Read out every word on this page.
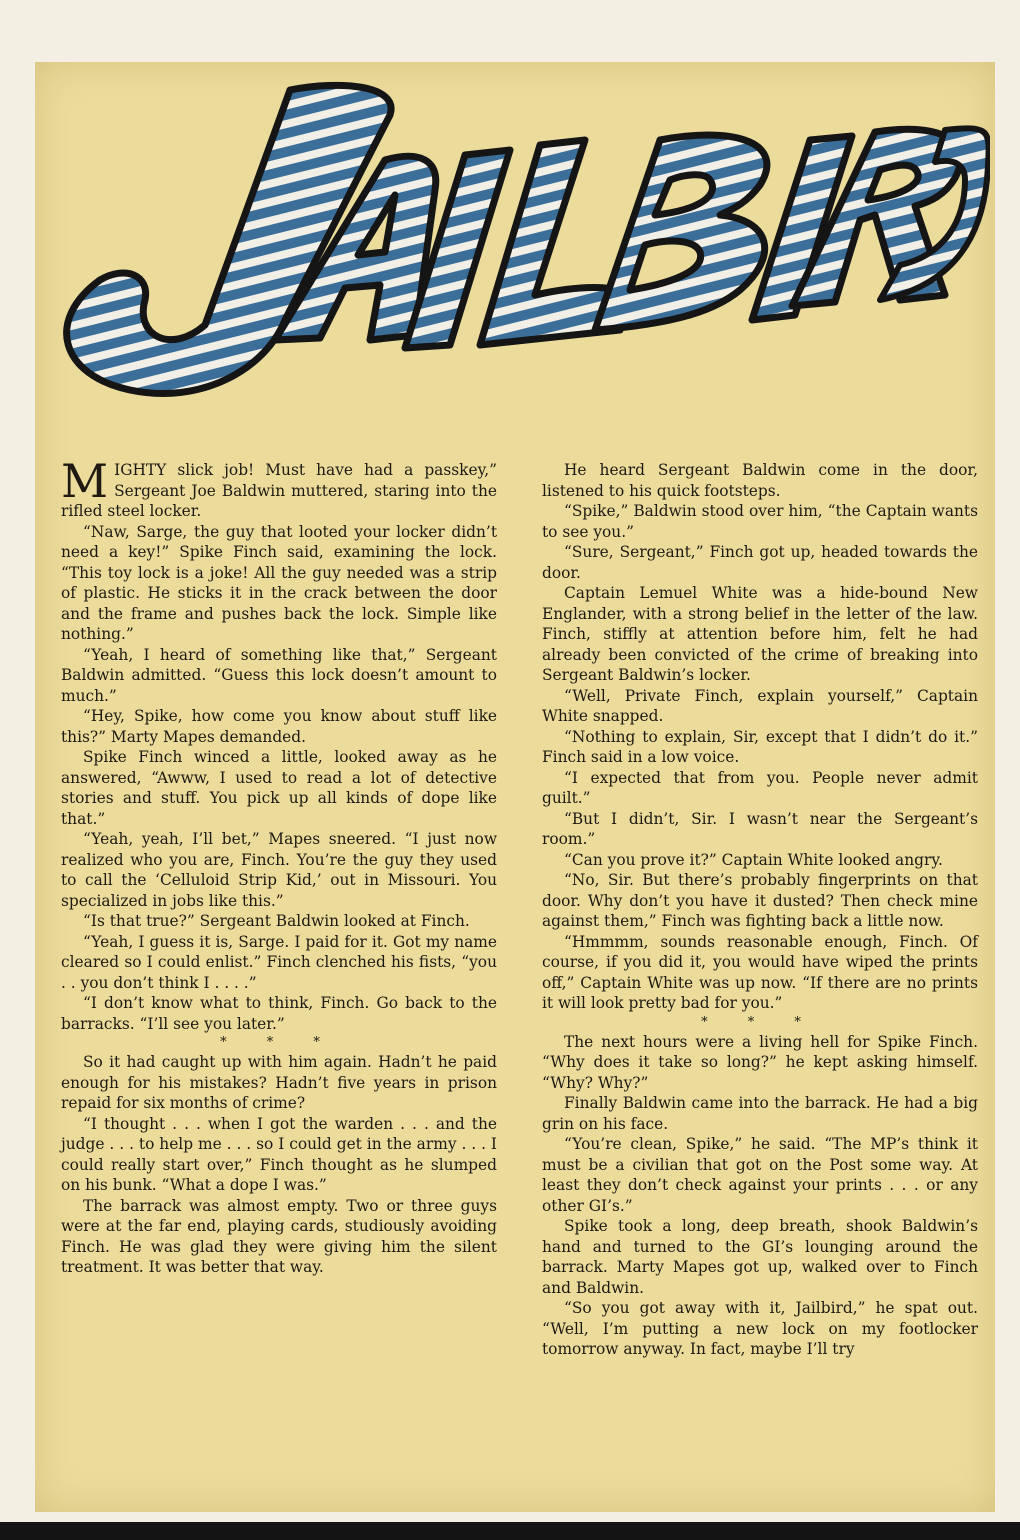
MIGHTY slick job! Must have had a passkey,” Sergeant Joe Baldwin muttered, staring into the rifled steel locker.

“Naw, Sarge, the guy that looted your locker didn’t need a key!” Spike Finch said, examining the lock. “This toy lock is a joke! All the guy needed was a strip of plastic. He sticks it in the crack between the door and the frame and pushes back the lock. Simple like nothing.”

“Yeah, I heard of something like that,” Sergeant Baldwin admitted. “Guess this lock doesn’t amount to much.”

“Hey, Spike, how come you know about stuff like this?” Marty Mapes demanded.

Spike Finch winced a little, looked away as he answered, “Awww, I used to read a lot of detective stories and stuff. You pick up all kinds of dope like that.”

“Yeah, yeah, I’ll bet,” Mapes sneered. “I just now realized who you are, Finch. You’re the guy they used to call the ‘Celluloid Strip Kid,’ out in Missouri. You specialized in jobs like this.”

“Is that true?” Sergeant Baldwin looked at Finch.

“Yeah, I guess it is, Sarge. I paid for it. Got my name cleared so I could enlist.” Finch clenched his fists, “you . . you don’t think I . . . .”

“I don’t know what to think, Finch. Go back to the barracks. “I’ll see you later.”

* * *

So it had caught up with him again. Hadn’t he paid enough for his mistakes? Hadn’t five years in prison repaid for six months of crime?

“I thought . . . when I got the warden . . . and the judge . . . to help me . . . so I could get in the army . . . I could really start over,” Finch thought as he slumped on his bunk. “What a dope I was.”

The barrack was almost empty. Two or three guys were at the far end, playing cards, studiously avoiding Finch. He was glad they were giving him the silent treatment. It was better that way.

He heard Sergeant Baldwin come in the door, listened to his quick footsteps.

“Spike,” Baldwin stood over him, “the Captain wants to see you.”

“Sure, Sergeant,” Finch got up, headed towards the door.

Captain Lemuel White was a hide-bound New Englander, with a strong belief in the letter of the law. Finch, stiffly at attention before him, felt he had already been convicted of the crime of breaking into Sergeant Baldwin’s locker.

“Well, Private Finch, explain yourself,” Captain White snapped.

“Nothing to explain, Sir, except that I didn’t do it.” Finch said in a low voice.

“I expected that from you. People never admit guilt.”

“But I didn’t, Sir. I wasn’t near the Sergeant’s room.”

“Can you prove it?” Captain White looked angry.

“No, Sir. But there’s probably fingerprints on that door. Why don’t you have it dusted? Then check mine against them,” Finch was fighting back a little now.

“Hmmmm, sounds reasonable enough, Finch. Of course, if you did it, you would have wiped the prints off,” Captain White was up now. “If there are no prints it will look pretty bad for you.”

* * *

The next hours were a living hell for Spike Finch. “Why does it take so long?” he kept asking himself. “Why? Why?”

Finally Baldwin came into the barrack. He had a big grin on his face.

“You’re clean, Spike,” he said. “The MP’s think it must be a civilian that got on the Post some way. At least they don’t check against your prints . . . or any other GI’s.”

Spike took a long, deep breath, shook Baldwin’s hand and turned to the GI’s lounging around the barrack. Marty Mapes got up, walked over to Finch and Baldwin.

“So you got away with it, Jailbird,” he spat out. “Well, I’m putting a new lock on my footlocker tomorrow anyway. In fact, maybe I’ll try
